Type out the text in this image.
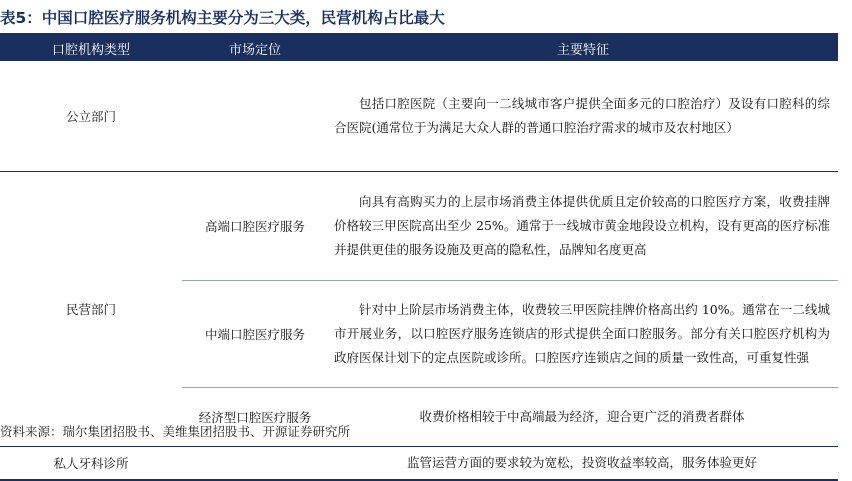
表5：中国口腔医疗服务机构主要分为三大类，民营机构占比最大
口腔机构类型	市场定位	主要特征
公立部门		包括口腔医院（主要向一二线城市客户提供全面多元的口腔治疗）及设有口腔科的综合医院(通常位于为满足大众人群的普通口腔治疗需求的城市及农村地区）
民营部门	高端口腔医疗服务	向具有高购买力的上层市场消费主体提供优质且定价较高的口腔医疗方案，收费挂牌价格较三甲医院高出至少 25%。通常于一线城市黄金地段设立机构，设有更高的医疗标准并提供更佳的服务设施及更高的隐私性，品牌知名度更高
	中端口腔医疗服务	针对中上阶层市场消费主体，收费较三甲医院挂牌价格高出约 10%。通常在一二线城市开展业务，以口腔医疗服务连锁店的形式提供全面口腔服务。部分有关口腔医疗机构为政府医保计划下的定点医院或诊所。口腔医疗连锁店之间的质量一致性高，可重复性强
	经济型口腔医疗服务	收费价格相较于中高端最为经济，迎合更广泛的消费者群体
私人牙科诊所		监管运营方面的要求较为宽松，投资收益率较高，服务体验更好
资料来源：瑞尔集团招股书、美维集团招股书、开源证券研究所
